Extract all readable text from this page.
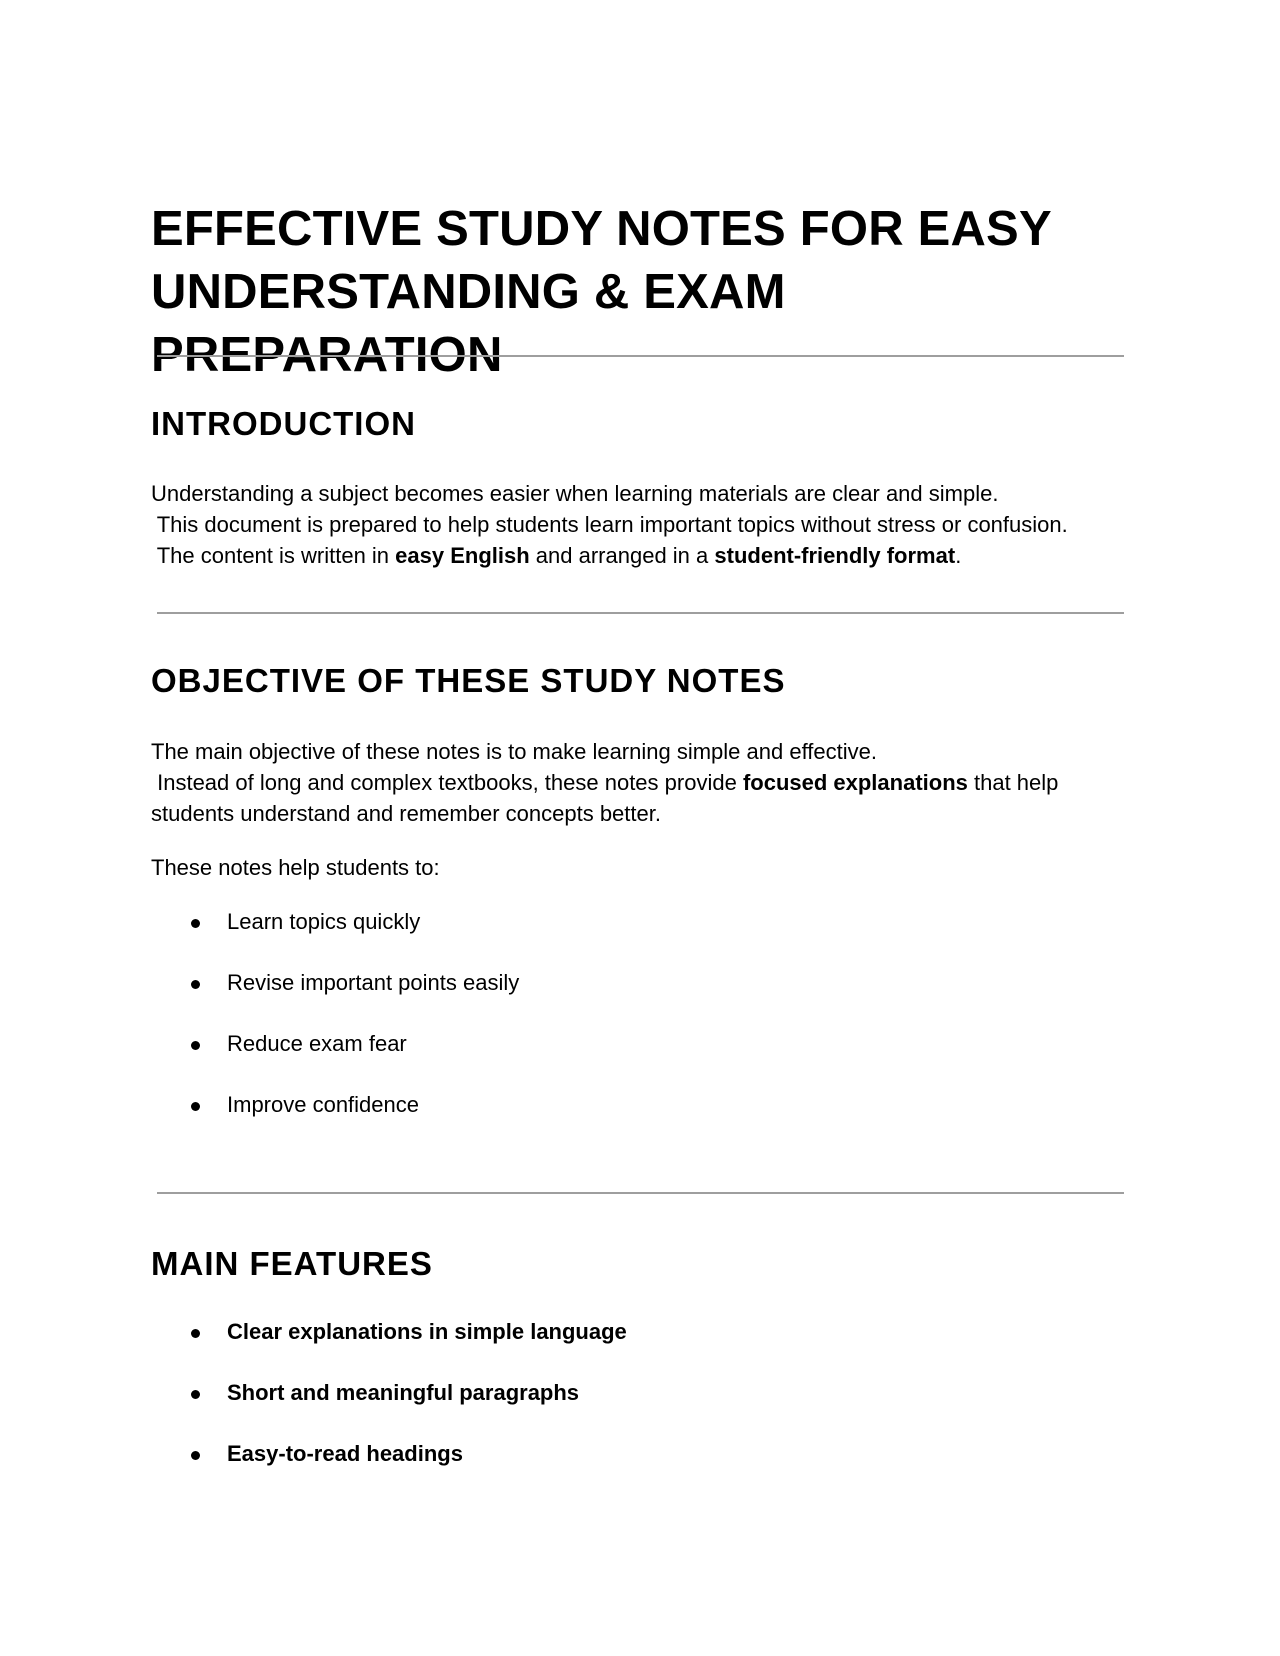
EFFECTIVE STUDY NOTES FOR EASY
UNDERSTANDING & EXAM PREPARATION
INTRODUCTION

Understanding a subject becomes easier when learning materials are clear and simple.
This document is prepared to help students learn important topics without stress or confusion.
The content is written in easy English and arranged in a student-friendly format.

OBJECTIVE OF THESE STUDY NOTES

The main objective of these notes is to make learning simple and effective.
Instead of long and complex textbooks, these notes provide focused explanations that help
students understand and remember concepts better.

These notes help students to:

Learn topics quickly
Revise important points easily
Reduce exam fear
Improve confidence
MAIN FEATURES
Clear explanations in simple language
Short and meaningful paragraphs
Easy-to-read headings
